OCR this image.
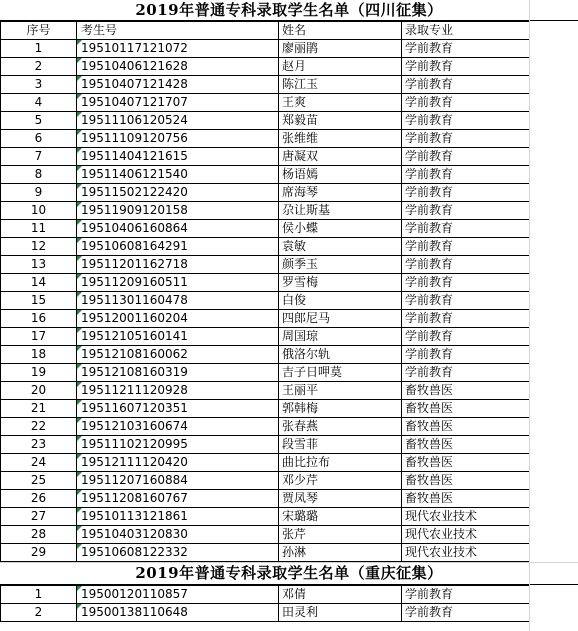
2019年普通专科录取学生名单（四川征集）
序号	考生号	姓名	录取专业
1	19510117121072	廖丽鹃	学前教育
2	19510406121628	赵月	学前教育
3	19510407121428	陈江玉	学前教育
4	19510407121707	王爽	学前教育
5	19511106120524	郑毅苗	学前教育
6	19511109120756	张维维	学前教育
7	19511404121615	唐凝双	学前教育
8	19511406121540	杨语嫣	学前教育
9	19511502122420	席海琴	学前教育
10	19511909120158	尕让斯基	学前教育
11	19510406160864	侯小蝶	学前教育
12	19510608164291	袁敏	学前教育
13	19511201162718	颜季玉	学前教育
14	19511209160511	罗雪梅	学前教育
15	19511301160478	白俊	学前教育
16	19512001160204	四郎尼马	学前教育
17	19512105160141	周国琼	学前教育
18	19512108160062	俄洛尔轨	学前教育
19	19512108160319	吉子日呷莫	学前教育
20	19511211120928	王丽平	畜牧兽医
21	19511607120351	郭韩梅	畜牧兽医
22	19512103160674	张春燕	畜牧兽医
23	19511102120995	段雪菲	畜牧兽医
24	19512111120420	曲比拉布	畜牧兽医
25	19511207160884	邓少芹	畜牧兽医
26	19511208160767	贾凤琴	畜牧兽医
27	19510113121861	宋璐璐	现代农业技术
28	19510403120830	张芹	现代农业技术
29	19510608122332	孙淋	现代农业技术
2019年普通专科录取学生名单（重庆征集）
1	19500120110857	邓倩	学前教育
2	19500138110648	田灵利	学前教育
